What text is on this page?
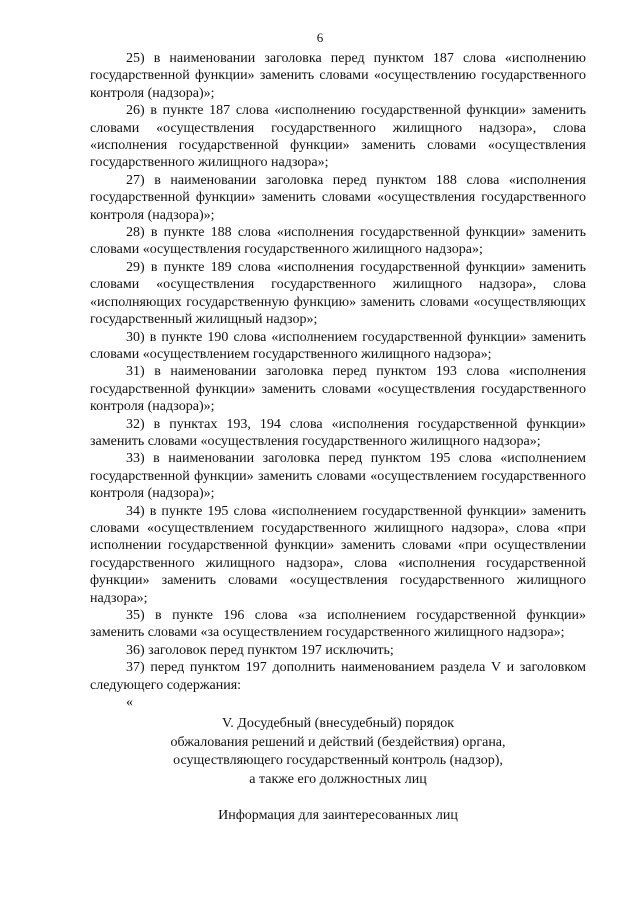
6

25) в наименовании заголовка перед пунктом 187 слова «исполнению государственной функции» заменить словами «осуществлению государственного контроля (надзора)»;

26) в пункте 187 слова «исполнению государственной функции» заменить словами «осуществления государственного жилищного надзора», слова «исполнения государственной функции» заменить словами «осуществления государственного жилищного надзора»;

27) в наименовании заголовка перед пунктом 188 слова «исполнения государственной функции» заменить словами «осуществления государственного контроля (надзора)»;

28) в пункте 188 слова «исполнения государственной функции» заменить словами «осуществления государственного жилищного надзора»;

29) в пункте 189 слова «исполнения государственной функции» заменить словами «осуществления государственного жилищного надзора», слова «исполняющих государственную функцию» заменить словами «осуществляющих государственный жилищный надзор»;

30) в пункте 190 слова «исполнением государственной функции» заменить словами «осуществлением государственного жилищного надзора»;

31) в наименовании заголовка перед пунктом 193 слова «исполнения государственной функции» заменить словами «осуществления государственного контроля (надзора)»;

32) в пунктах 193, 194 слова «исполнения государственной функции» заменить словами «осуществления государственного жилищного надзора»;

33) в наименовании заголовка перед пунктом 195 слова «исполнением государственной функции» заменить словами «осуществлением государственного контроля (надзора)»;

34) в пункте 195 слова «исполнением государственной функции» заменить словами «осуществлением государственного жилищного надзора», слова «при исполнении государственной функции» заменить словами «при осуществлении государственного жилищного надзора», слова «исполнения государственной функции» заменить словами «осуществления государственного жилищного надзора»;

35) в пункте 196 слова «за исполнением государственной функции» заменить словами «за осуществлением государственного жилищного надзора»;

36) заголовок перед пунктом 197 исключить;

37) перед пунктом 197 дополнить наименованием раздела V и заголовком следующего содержания:

«
V. Досудебный (внесудебный) порядок
обжалования решений и действий (бездействия) органа,
осуществляющего государственный контроль (надзор),
а также его должностных лиц
Информация для заинтересованных лиц
